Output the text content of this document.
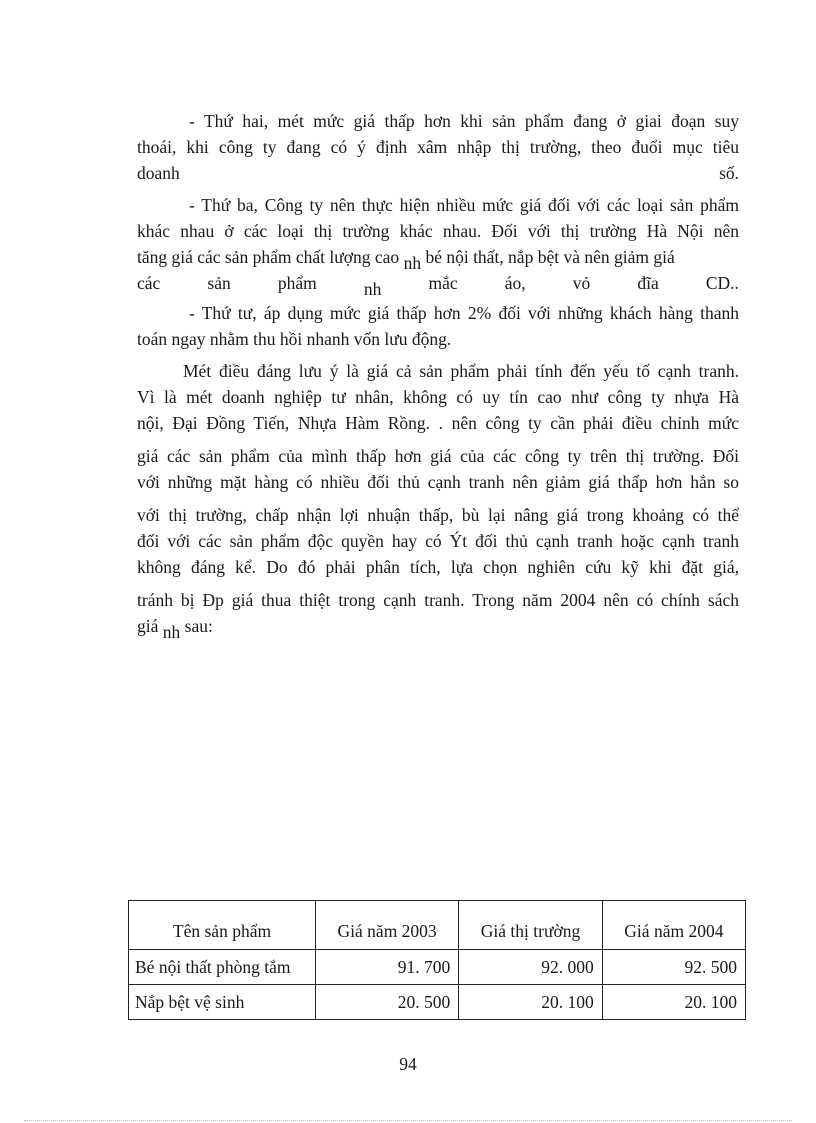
- Thứ hai, mét mức giá thấp hơn khi sản phẩm đang ở giai đoạn suy
thoái, khi công ty đang có ý định xâm nhập thị trường, theo đuổi mục tiêu
doanh	số.
- Thứ ba, Công ty nên thực hiện nhiều mức giá đối với các loại sản phẩm
khác nhau ở các loại thị trường khác nhau. Đối với thị trường Hà Nội nên
tăng giá các sản phẩm chất lượng cao nh bé nội thất, nắp bệt và nên giảm giá
các	sản	phẩm	nh	mắc	áo,	vỏ	đĩa	CD..
- Thứ tư, áp dụng mức giá thấp hơn 2% đối với những khách hàng thanh
toán ngay nhằm thu hồi nhanh vốn lưu động.
Mét điều đáng lưu ý là giá cả sản phẩm phải tính đến yếu tố cạnh tranh.
Vì là mét doanh nghiệp tư nhân, không có uy tín cao như công ty nhựa Hà
nội, Đại Đồng Tiến, Nhựa Hàm Rồng. . nên công ty cần phải điều chỉnh mức
giá các sản phẩm của mình thấp hơn giá của các công ty trên thị trường. Đối
với những mặt hàng có nhiều đối thủ cạnh tranh nên giảm giá thấp hơn hẳn so
với thị trường, chấp nhận lợi nhuận thấp, bù lại nâng giá trong khoảng có thể
đối với các sản phẩm độc quyền hay có Ýt đối thủ cạnh tranh hoặc cạnh tranh
không đáng kể. Do đó phải phân tích, lựa chọn nghiên cứu kỹ khi đặt giá,
tránh bị Đp giá thua thiệt trong cạnh tranh. Trong năm 2004 nên có chính sách
giá nh sau:
Tên sản phẩm	Giá năm 2003	Giá thị trường	Giá năm 2004
Bé nội thất phòng tắm	91. 700	92. 000	92. 500
Nắp bệt vệ sinh	20. 500	20. 100	20. 100
94
